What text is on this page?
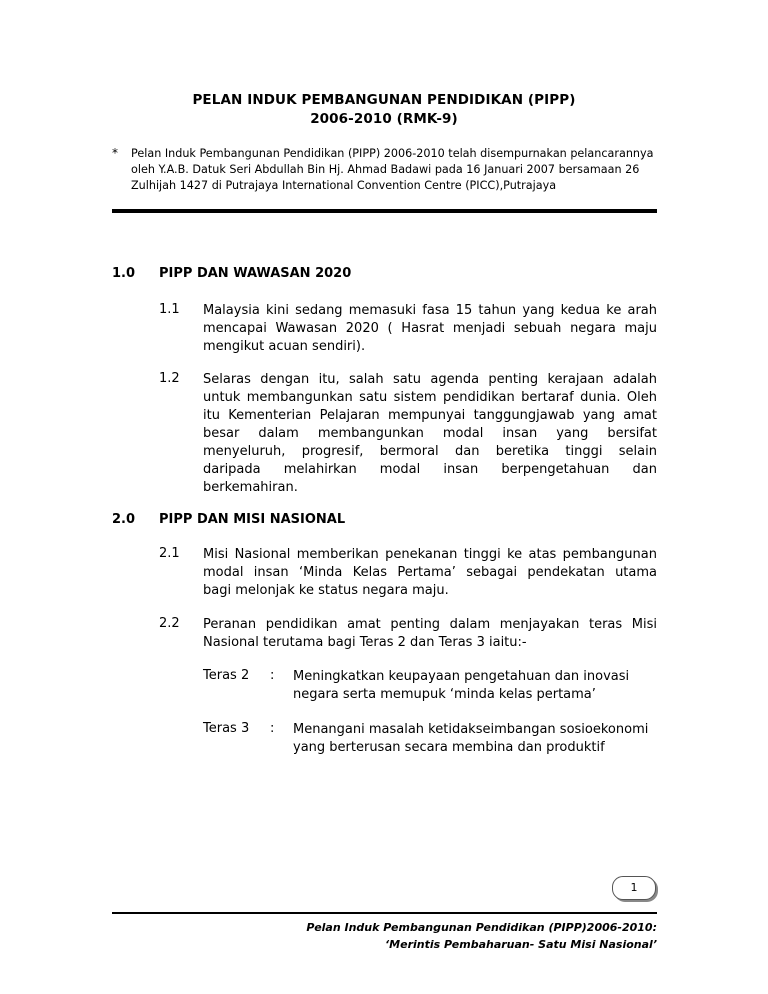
PELAN INDUK PEMBANGUNAN PENDIDIKAN (PIPP)
2006-2010 (RMK-9)
* Pelan Induk Pembangunan Pendidikan (PIPP) 2006-2010 telah disempurnakan pelancarannya
oleh Y.A.B. Datuk Seri Abdullah Bin Hj. Ahmad Badawi pada 16 Januari 2007 bersamaan 26
Zulhijah 1427 di Putrajaya International Convention Centre (PICC),Putrajaya
1.0 PIPP DAN WAWASAN 2020
1.1 Malaysia kini sedang memasuki fasa 15 tahun yang kedua ke arah
mencapai Wawasan 2020 ( Hasrat menjadi sebuah negara maju
mengikut acuan sendiri).
1.2 Selaras dengan itu, salah satu agenda penting kerajaan adalah
untuk membangunkan satu sistem pendidikan bertaraf dunia. Oleh
itu Kementerian Pelajaran mempunyai tanggungjawab yang amat
besar dalam membangunkan modal insan yang bersifat
menyeluruh, progresif, bermoral dan beretika tinggi selain
daripada melahirkan modal insan berpengetahuan dan
berkemahiran.
2.0 PIPP DAN MISI NASIONAL
2.1 Misi Nasional memberikan penekanan tinggi ke atas pembangunan
modal insan ‘Minda Kelas Pertama’ sebagai pendekatan utama
bagi melonjak ke status negara maju.
2.2 Peranan pendidikan amat penting dalam menjayakan teras Misi
Nasional terutama bagi Teras 2 dan Teras 3 iaitu:-
Teras 2 : Meningkatkan keupayaan pengetahuan dan inovasi
negara serta memupuk ‘minda kelas pertama’
Teras 3 : Menangani masalah ketidakseimbangan sosioekonomi
yang berterusan secara membina dan produktif
1
Pelan Induk Pembangunan Pendidikan (PIPP)2006-2010:
‘Merintis Pembaharuan- Satu Misi Nasional’
